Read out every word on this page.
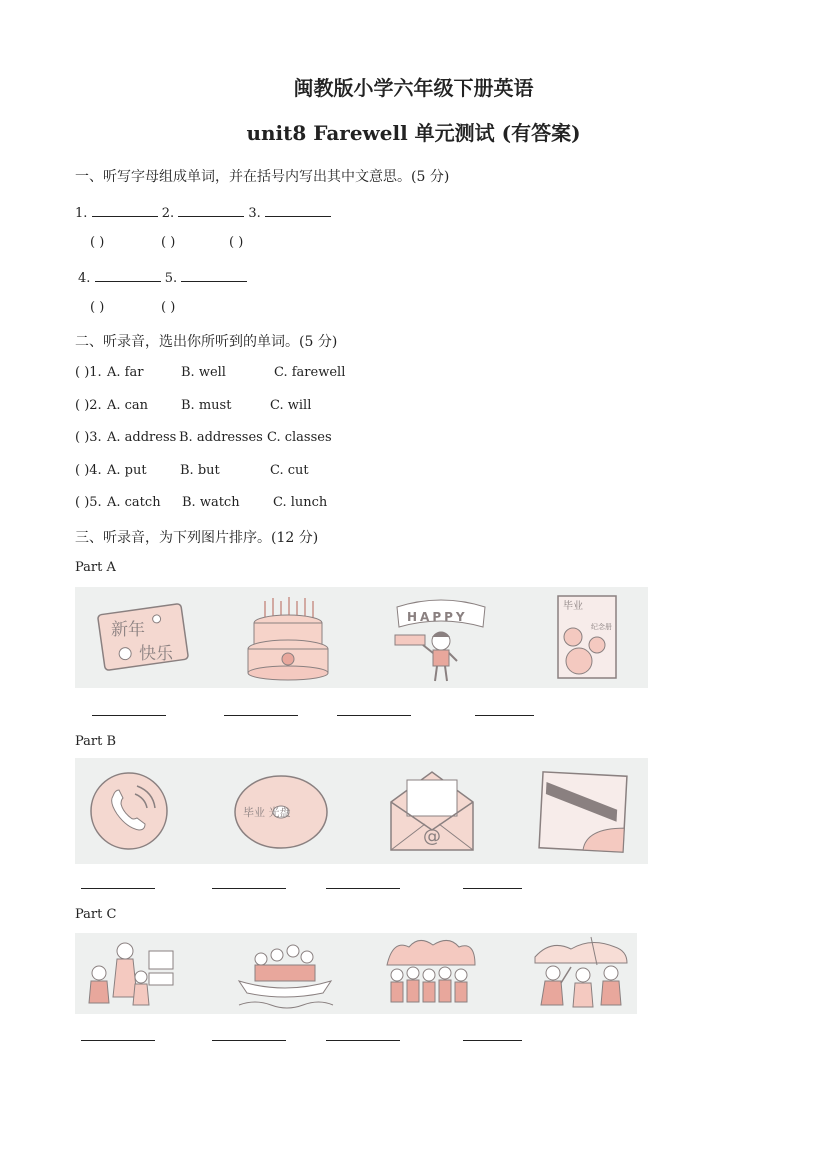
闽教版小学六年级下册英语
unit8 Farewell 单元测试 (有答案)
一、听写字母组成单词，并在括号内写出其中文意思。(5 分)
1.	2.	3.
( )	( )	( )
4.	5.
( )	( )
二、听录音，选出你所听到的单词。(5 分)
( )1. A. far	B. well	C. farewell
( )2. A. can	B. must	C. will
( )3. A. address B. addresses C. classes
( )4. A. put	B. but	C. cut
( )5. A. catch B. watch	C. lunch
三、听录音，为下列图片排序。(12 分)
Part A
新年
快乐
HAPPY
毕业
纪念册
Part B
毕业 光盘
@
Part C
